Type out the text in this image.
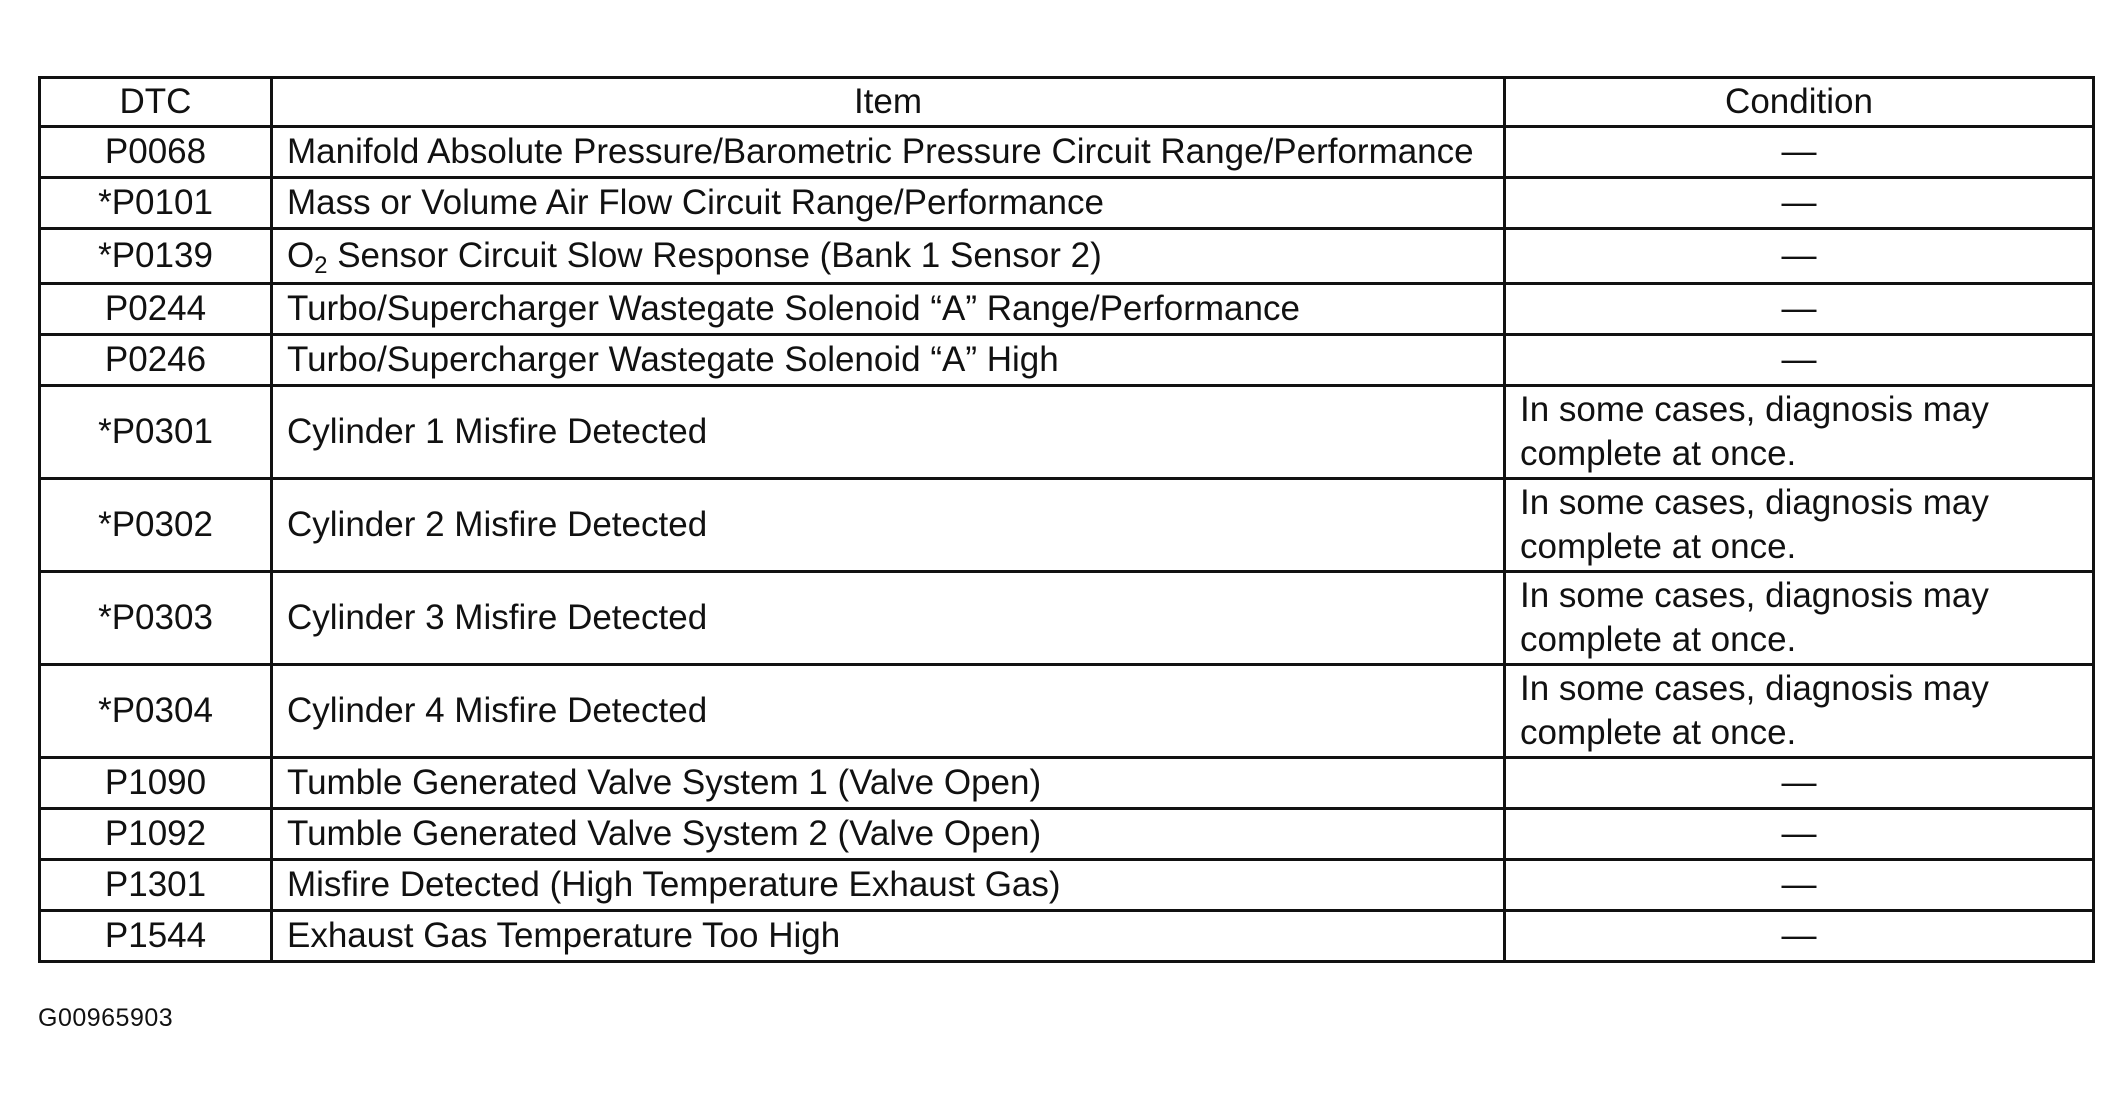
DTC	Item	Condition
P0068	Manifold Absolute Pressure/Barometric Pressure Circuit Range/Performance	—
*P0101	Mass or Volume Air Flow Circuit Range/Performance	—
*P0139	$O_2$ Sensor Circuit Slow Response (Bank 1 Sensor 2)	—
P0244	Turbo/Supercharger Wastegate Solenoid “A” Range/Performance	—
P0246	Turbo/Supercharger Wastegate Solenoid “A” High	—
*P0301	Cylinder 1 Misfire Detected	In some cases, diagnosis may
complete at once.

*P0302	Cylinder 2 Misfire Detected	In some cases, diagnosis may
complete at once.

*P0303	Cylinder 3 Misfire Detected	In some cases, diagnosis may
complete at once.

*P0304	Cylinder 4 Misfire Detected	In some cases, diagnosis may
complete at once.

P1090	Tumble Generated Valve System 1 (Valve Open)	—
P1092	Tumble Generated Valve System 2 (Valve Open)	—
P1301	Misfire Detected (High Temperature Exhaust Gas)	—
P1544	Exhaust Gas Temperature Too High	—
G00965903
